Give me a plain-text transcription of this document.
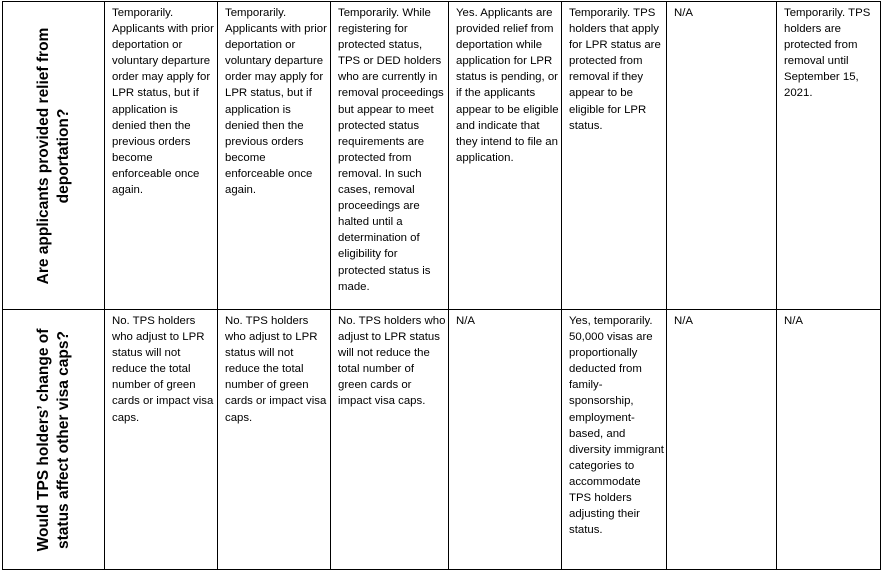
Are applicants provided relief from deportation?	Temporarily. Applicants with prior deportation or voluntary departure order may apply for LPR status, but if application is denied then the previous orders become enforceable once again.	Temporarily. Applicants with prior deportation or voluntary departure order may apply for LPR status, but if application is denied then the previous orders become enforceable once again.	Temporarily. While registering for protected status, TPS or DED holders who are currently in removal proceedings but appear to meet protected status requirements are protected from removal. In such cases, removal proceedings are halted until a determination of eligibility for protected status is made.	Yes. Applicants are provided relief from deportation while application for LPR status is pending, or if the applicants appear to be eligible and indicate that they intend to file an application.	Temporarily. TPS holders that apply for LPR status are protected from removal if they appear to be eligible for LPR status.	N/A	Temporarily. TPS holders are protected from removal until September 15, 2021.

Would TPS holders’ change of status affect other visa caps?	No. TPS holders who adjust to LPR status will not reduce the total number of green cards or impact visa caps.	No. TPS holders who adjust to LPR status will not reduce the total number of green cards or impact visa caps.	No. TPS holders who adjust to LPR status will not reduce the total number of green cards or impact visa caps.	N/A	Yes, temporarily. 50,000 visas are proportionally deducted from family-sponsorship, employment-based, and diversity immigrant categories to accommodate TPS holders adjusting their status.	N/A	N/A
